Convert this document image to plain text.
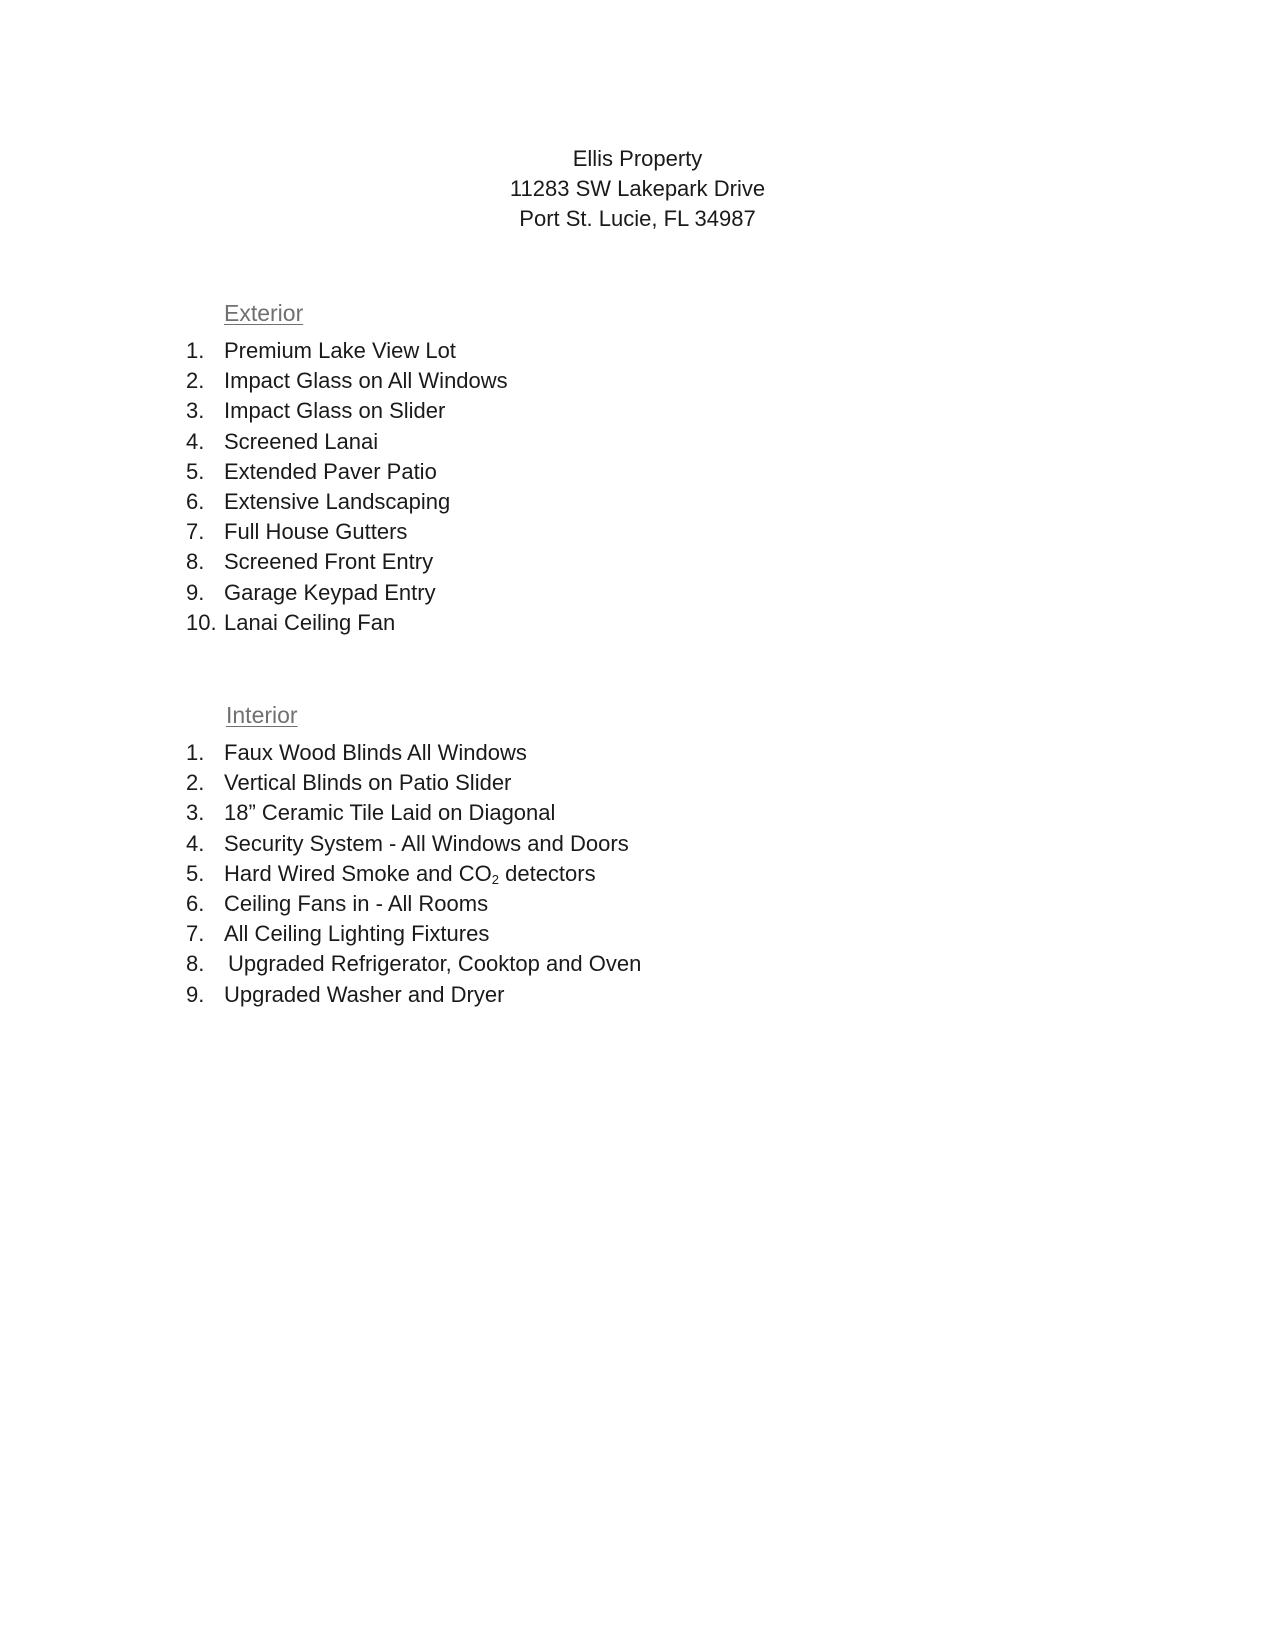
Ellis Property
11283 SW Lakepark Drive
Port St. Lucie, FL 34987
Exterior
1. Premium Lake View Lot
2. Impact Glass on All Windows
3. Impact Glass on Slider
4. Screened Lanai
5. Extended Paver Patio
6. Extensive Landscaping
7. Full House Gutters
8. Screened Front Entry
9. Garage Keypad Entry
10. Lanai Ceiling Fan
Interior
1. Faux Wood Blinds All Windows
2. Vertical Blinds on Patio Slider
3. 18” Ceramic Tile Laid on Diagonal
4. Security System - All Windows and Doors
5. Hard Wired Smoke and $CO_2$ detectors
6. Ceiling Fans in - All Rooms
7. All Ceiling Lighting Fixtures
8.	Upgraded Refrigerator, Cooktop and Oven
9. Upgraded Washer and Dryer
